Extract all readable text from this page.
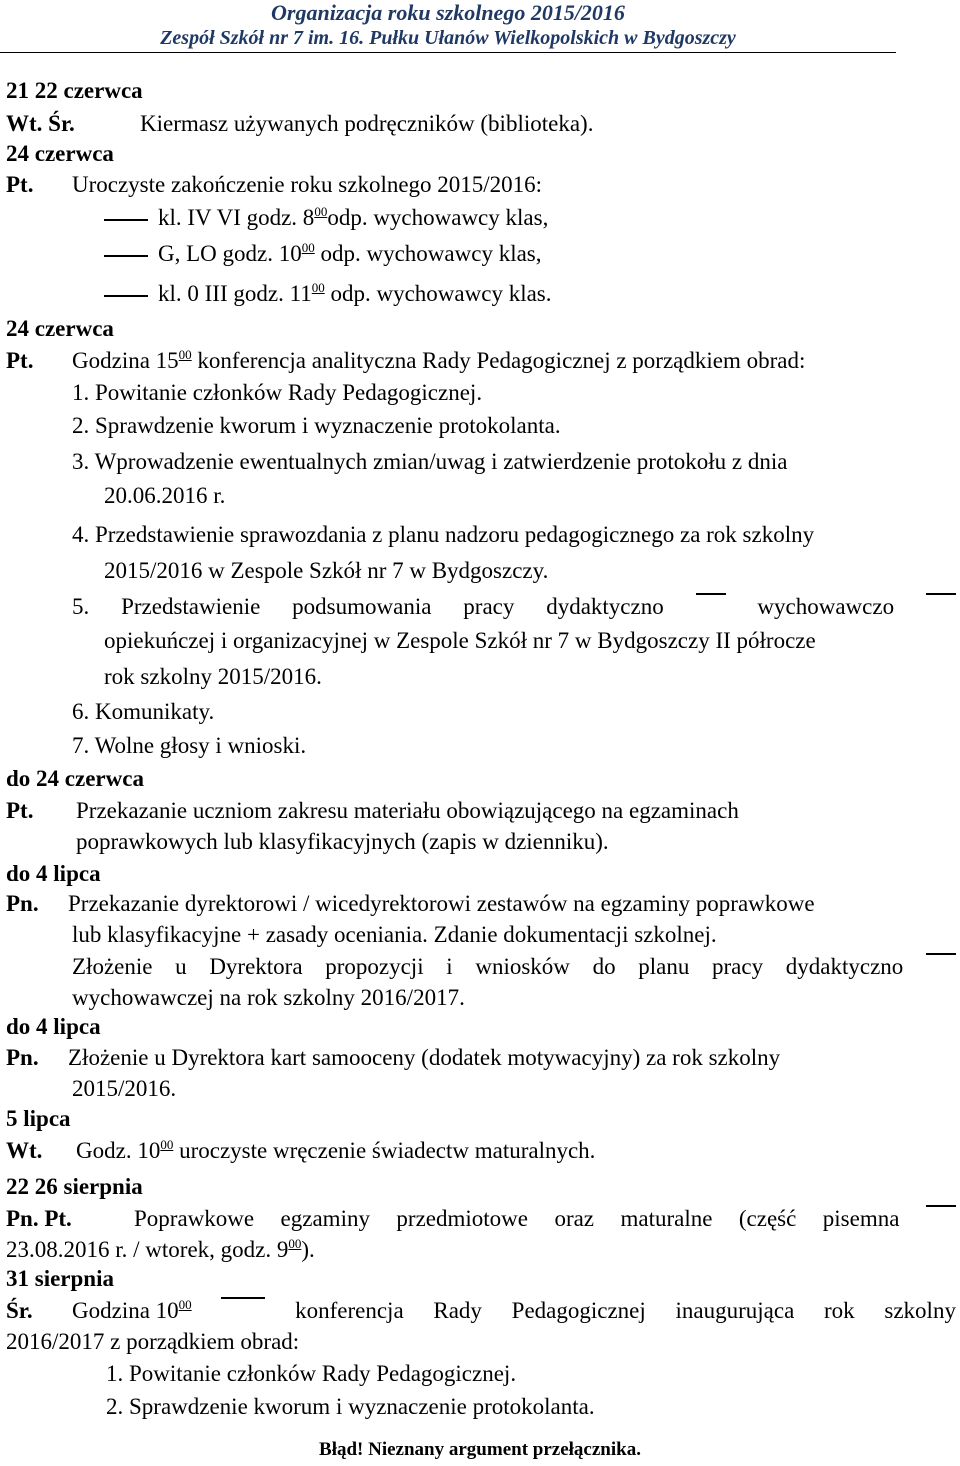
Organizacja roku szkolnego 2015/2016
Zespół Szkół nr 7 im. 16. Pułku Ułanów Wielkopolskich w Bydgoszczy
21 22 czerwca
Wt. Śr.	Kiermasz używanych podręczników (biblioteka).
24 czerwca
Pt. Uroczyste zakończenie roku szkolnego 2015/2016:
kl. IV VI godz. $8^{00}odp$. wychowawcy klas,
G, LO godz. $10^{00}$ odp. wychowawcy klas,
kl. 0 III godz. $11^{00}$ odp. wychowawcy klas.
24 czerwca
Pt. Godzina $15^{00}$ konferencja analityczna Rady Pedagogicznej z porządkiem obrad:
1. Powitanie członków Rady Pedagogicznej.
2. Sprawdzenie kworum i wyznaczenie protokolanta.
3. Wprowadzenie ewentualnych zmian/uwag i zatwierdzenie protokołu z dnia
20.06.2016 r.
4. Przedstawienie sprawozdania z planu nadzoru pedagogicznego za rok szkolny
2015/2016 w Zespole Szkół nr 7 w Bydgoszczy.
5. Przedstawienie podsumowania pracy dydaktyczno	wychowawczo
opiekuńczej i organizacyjnej w Zespole Szkół nr 7 w Bydgoszczy II półrocze
rok szkolny 2015/2016.
6. Komunikaty.
7. Wolne głosy i wnioski.
do 24 czerwca
Pt. Przekazanie uczniom zakresu materiału obowiązującego na egzaminach
poprawkowych lub klasyfikacyjnych (zapis w dzienniku).
do 4 lipca
Pn. Przekazanie dyrektorowi / wicedyrektorowi zestawów na egzaminy poprawkowe
lub klasyfikacyjne + zasady oceniania. Zdanie dokumentacji szkolnej.
Złożenie u Dyrektora propozycji i wniosków do planu pracy dydaktyczno
wychowawczej na rok szkolny 2016/2017.
do 4 lipca
Pn. Złożenie u Dyrektora kart samooceny (dodatek motywacyjny) za rok szkolny
2015/2016.
5 lipca
Wt. Godz. $10^{00}$ uroczyste wręczenie świadectw maturalnych.
22 26 sierpnia
Pn. Pt.	Poprawkowe egzaminy przedmiotowe oraz maturalne (część pisemna
23.08.2016 r. / wtorek, godz. $9^{00}$).
31 sierpnia
Śr. Godzina $10^{00}$	konferencja Rady Pedagogicznej inaugurująca rok szkolny
2016/2017 z porządkiem obrad:
1. Powitanie członków Rady Pedagogicznej.
2. Sprawdzenie kworum i wyznaczenie protokolanta.
Błąd! Nieznany argument przełącznika.
